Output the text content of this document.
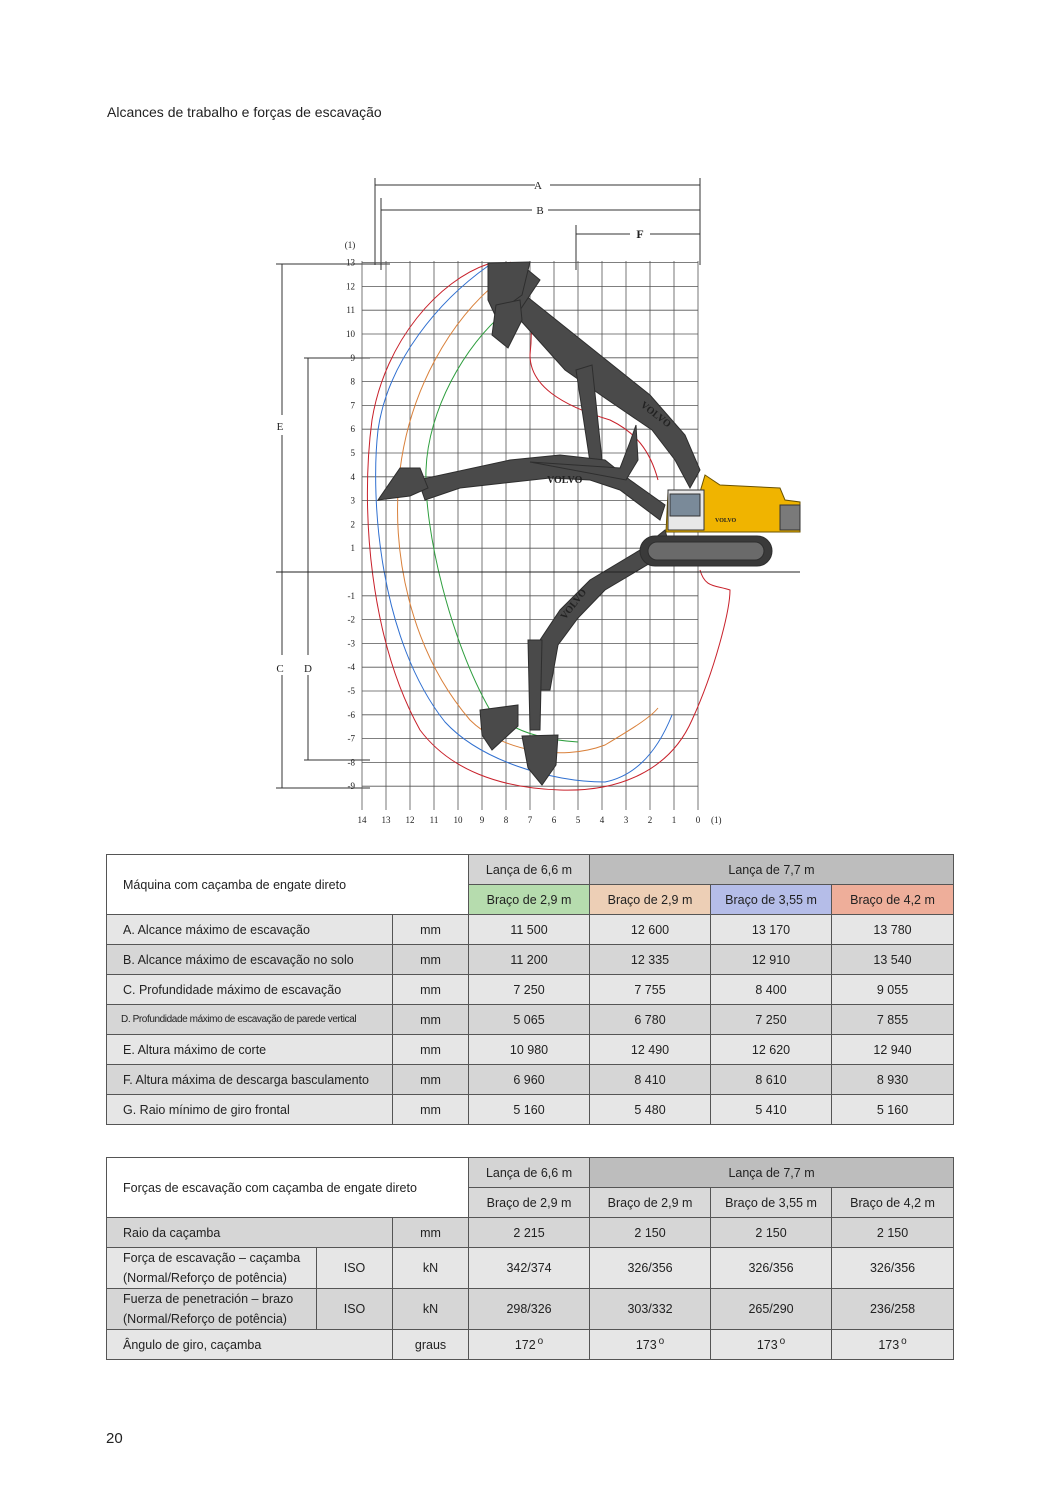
Alcances de trabalho e forças de escavação
A
B
F
E
C D
(1)
13
12
11
10
9
8
7
6
5
4
3
2
1
-1
-2
-3
-4
-5
-6
-7
-8
-9
14 13 12 11 10 9 8 7 6 5 4 3 2 1 0 (1)
VOLVO
VOLVO
VOLVO
VOLVO
Máquina com caçamba de engate direto		Lança de 6,6 m	Lança de 7,7 m		
		Braço de 2,9 m	Braço de 2,9 m	Braço de 3,55 m	Braço de 4,2 m
A. Alcance máximo de escavação	mm	11 500	12 600	13 170	13 780
B. Alcance máximo de escavação no solo	mm	11 200	12 335	12 910	13 540
C. Profundidade máximo de escavação	mm	7 250	7 755	8 400	9 055
D. Profundidade máximo de escavação de parede vertical	mm	5 065	6 780	7 250	7 855
E. Altura máximo de corte	mm	10 980	12 490	12 620	12 940
F. Altura máxima de descarga basculamento	mm	6 960	8 410	8 610	8 930
G. Raio mínimo de giro frontal	mm	5 160	5 480	5 410	5 160
Forças de escavação com caçamba de engate direto			Lança de 6,6 m	Lança de 7,7 m		
			Braço de 2,9 m	Braço de 2,9 m	Braço de 3,55 m	Braço de 4,2 m
Raio da caçamba		mm	2 215	2 150	2 150	2 150

Força de escavação – caçamba
(Normal/Reforço de potência)	ISO	kN	342/374	326/356	326/356	326/356

Fuerza de penetración – brazo
(Normal/Reforço de potência)	ISO	kN	298/326	303/332	265/290	236/258
Ângulo de giro, caçamba		graus	172 $^o$	173 $^o$	173 $^o$	173 $^o$
20
